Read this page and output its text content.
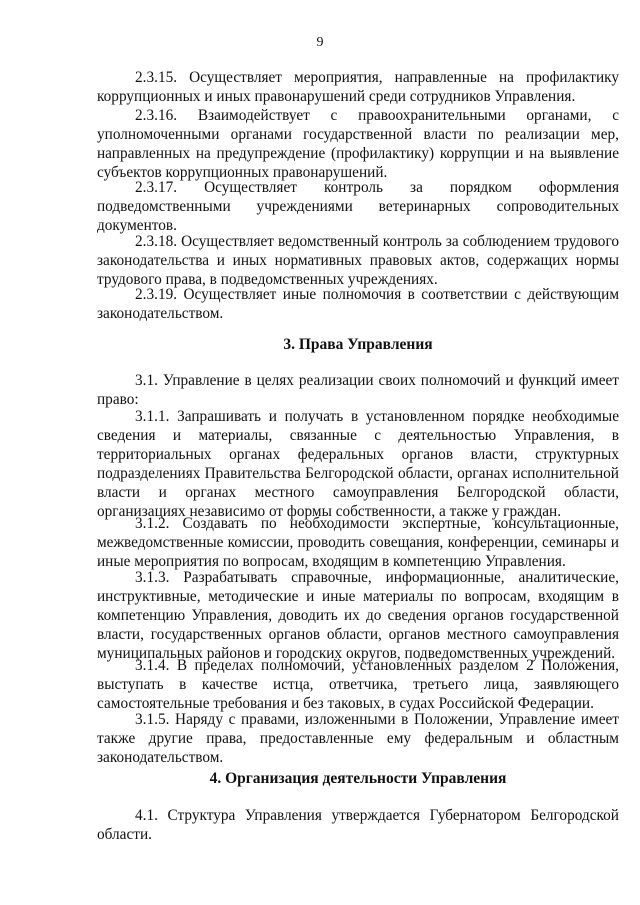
9

2.3.15. Осуществляет мероприятия, направленные на профилактику коррупционных и иных правонарушений среди сотрудников Управления.

2.3.16. Взаимодействует с правоохранительными органами, с уполномоченными органами государственной власти по реализации мер, направленных на предупреждение (профилактику) коррупции и на выявление субъектов коррупционных правонарушений.

2.3.17. Осуществляет контроль за порядком оформления подведомственными учреждениями ветеринарных сопроводительных документов.

2.3.18. Осуществляет ведомственный контроль за соблюдением трудового законодательства и иных нормативных правовых актов, содержащих нормы трудового права, в подведомственных учреждениях.

2.3.19. Осуществляет иные полномочия в соответствии с действующим законодательством.

3. Права Управления

3.1. Управление в целях реализации своих полномочий и функций имеет право:

3.1.1. Запрашивать и получать в установленном порядке необходимые сведения и материалы, связанные с деятельностью Управления, в территориальных органах федеральных органов власти, структурных подразделениях Правительства Белгородской области, органах исполнительной власти и органах местного самоуправления Белгородской области, организациях независимо от формы собственности, а также у граждан.

3.1.2. Создавать по необходимости экспертные, консультационные, межведомственные комиссии, проводить совещания, конференции, семинары и иные мероприятия по вопросам, входящим в компетенцию Управления.

3.1.3. Разрабатывать справочные, информационные, аналитические, инструктивные, методические и иные материалы по вопросам, входящим в компетенцию Управления, доводить их до сведения органов государственной власти, государственных органов области, органов местного самоуправления муниципальных районов и городских округов, подведомственных учреждений.

3.1.4. В пределах полномочий, установленных разделом 2 Положения, выступать в качестве истца, ответчика, третьего лица, заявляющего самостоятельные требования и без таковых, в судах Российской Федерации.

3.1.5. Наряду с правами, изложенными в Положении, Управление имеет также другие права, предоставленные ему федеральным и областным законодательством.

4. Организация деятельности Управления

4.1. Структура Управления утверждается Губернатором Белгородской области.
